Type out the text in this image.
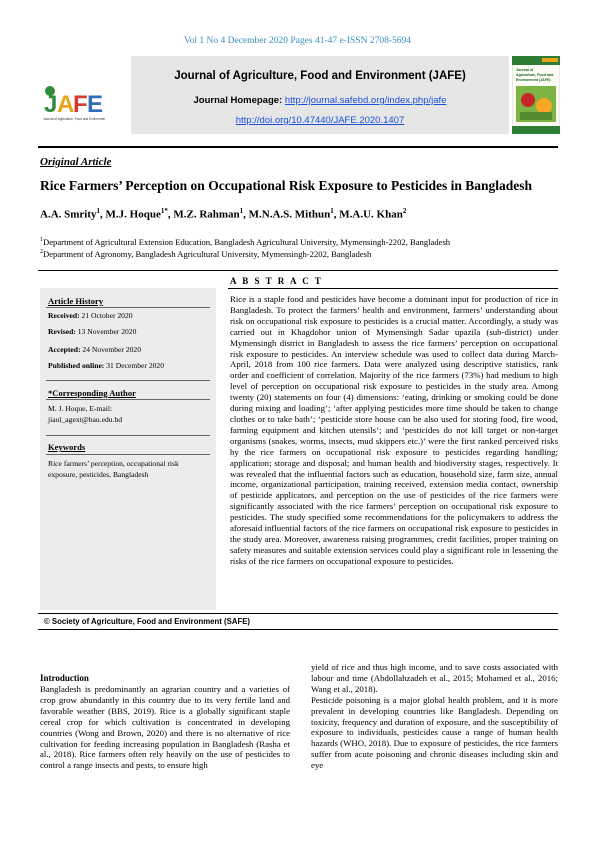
Vol 1 No 4 December 2020 Pages 41-47 e-ISSN 2708-5694
J A
F E
Journal of Agriculture, Food and Environment
Journal of Agriculture, Food and Environment (JAFE)
Journal Homepage: http://journal.safebd.org/index.php/jafe
http://doi.org/10.47440/JAFE.2020.1407
Journal of
Agriculture, Food and
Environment (JAFE)
Original Article
Rice Farmers’ Perception on Occupational Risk Exposure to Pesticides in Bangladesh
A.A. Smrity$^1$, M.J. Hoque$^{1*}$, M.Z. Rahman$^1$, M.N.A.S. Mithun$^1$, M.A.U. Khan$^2$
$^1$Department of Agricultural Extension Education, Bangladesh Agricultural University, Mymensingh-2202, Bangladesh
$^2$Department of Agronomy, Bangladesh Agricultural University, Mymensingh-2202, Bangladesh
Article History
Received: 21 October 2020
Revised: 13 November 2020
Accepted: 24 November 2020
Published online: 31 December 2020
*Corresponding Author
M. J. Hoque, E-mail:
jiaul_agext@bau.edu.bd
Keywords
Rice farmers’ perception, occupational risk exposure, pesticides, Bangladesh
A B S T R A C T
Rice is a staple food and pesticides have become a dominant input for production of rice in Bangladesh. To protect the farmers’ health and environment, farmers’ understanding about risk on occupational risk exposure to pesticides is a crucial matter. Accordingly, a study was carried out in Khagdohor union of Mymensingh Sadar upazila (sub-district) under Mymensingh district in Bangladesh to assess the rice farmers’ perception on occupational risk exposure to pesticides. An interview schedule was used to collect data during March-April, 2018 from 100 rice farmers. Data were analyzed using descriptive statistics, rank order and coefficient of correlation. Majority of the rice farmers (73%) had medium to high level of perception on occupational risk exposure to pesticides in the study area. Among twenty (20) statements on four (4) dimensions: ‘eating, drinking or smoking could be done during mixing and loading’; ‘after applying pesticides more time should be taken to change clothes or to take bath’; ‘pesticide store house can be also used for storing food, fire wood, farming equipment and kitchen utensils’; and ‘pesticides do not kill target or non-target organisms (snakes, worms, insects, mud skippers etc.)’ were the first ranked perceived risks by the rice farmers on occupational risk exposure to pesticides regarding handling; application; storage and disposal; and human health and biodiversity stages, respectively. It was revealed that the influential factors such as education, household size, farm size, annual income, organizational participation, training received, extension media contact, ownership of pesticide applicators, and perception on the use of pesticides of the rice farmers were significantly associated with the rice farmers’ perception on occupational risk exposure to pesticides. The study specified some recommendations for the policymakers to address the aforesaid influential factors of the rice farmers on occupational risk exposure to pesticides in the study area. Moreover, awareness raising programmes, credit facilities, proper training on safety measures and suitable extension services could play a significant role in lessening the risks of the rice farmers on occupational exposure to pesticides.
© Society of Agriculture, Food and Environment (SAFE)
Introduction
Bangladesh is predominantly an agrarian country and a varieties of crop grow abundantly in this country due to its very fertile land and favorable weather (BBS, 2019). Rice is a globally significant staple cereal crop for which cultivation is concentrated in developing countries (Wong and Brown, 2020) and there is no alternative of rice cultivation for feeding increasing population in Bangladesh (Rasha et al., 2018). Rice farmers often rely heavily on the use of pesticides to control a range insects and pests, to ensure high
yield of rice and thus high income, and to save costs associated with labour and time (Abdollahzadeh et al., 2015; Mohamed et al., 2016; Wang et al., 2018).
Pesticide poisoning is a major global health problem, and it is more prevalent in developing countries like Bangladesh. Depending on toxicity, frequency and duration of exposure, and the susceptibility of exposure to individuals, pesticides cause a range of human health hazards (WHO, 2018). Due to exposure of pesticides, the rice farmers suffer from acute poisoning and chronic diseases including skin and eye
